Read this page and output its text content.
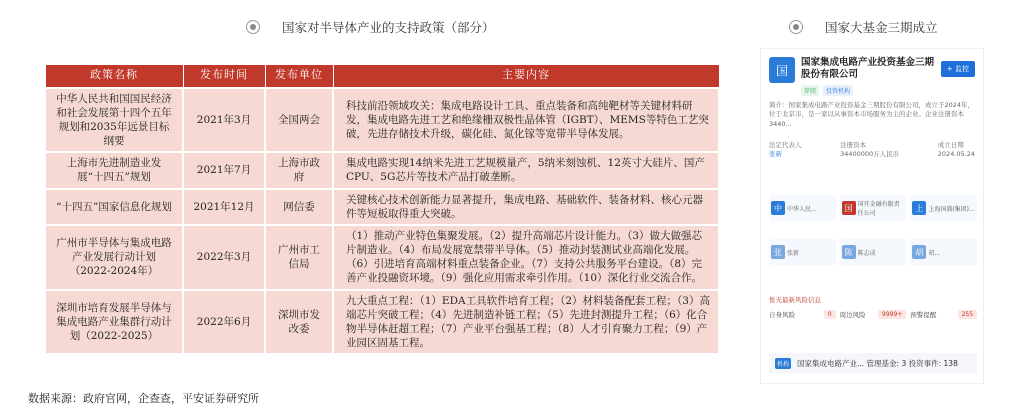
国家对半导体产业的支持政策（部分）	国家大基金三期成立
政策名称	发布时间	发布单位	主要内容
中华人民共和国国民经济和社会发展第十四个五年规划和2035年远景目标纲要	2021年3月	全国两会	科技前沿领域攻关：集成电路设计工具、重点装备和高纯靶材等关键材料研发，集成电路先进工艺和绝缘栅双极性晶体管（IGBT）、MEMS等特色工艺突破，先进存储技术升级，碳化硅、氮化镓等宽带半导体发展。
上海市先进制造业发展“十四五”规划	2021年7月	上海市政府	集成电路实现14纳米先进工艺规模量产，5纳米刻蚀机、12英寸大硅片、国产CPU、5G芯片等技术产品打破垄断。
“十四五”国家信息化规划	2021年12月	网信委	关键核心技术创新能力显著提升，集成电路、基础软件、装备材料、核心元器件等短板取得重大突破。
广州市半导体与集成电路产业发展行动计划（2022-2024年）	2022年3月	广州市工信局	（1）推动产业特色集聚发展。（2）提升高端芯片设计能力。（3）做大做强芯片制造业。（4）布局发展宽禁带半导体。（5）推动封装测试业高端化发展。（6）引进培育高端材料重点装备企业。（7）支持公共服务平台建设。（8）完善产业投融资环境。（9）强化应用需求牵引作用。（10）深化行业交流合作。
深圳市培育发展半导体与集成电路产业集群行动计划（2022-2025）	2022年6月	深圳市发改委	九大重点工程：（1）EDA工具软件培育工程；（2）材料装备配套工程；（3）高端芯片突破工程；（4）先进制造补链工程；（5）先进封测提升工程；（6）化合物半导体赶超工程；（7）产业平台强基工程；（8）人才引育聚力工程；（9）产业园区固基工程。
数据来源：政府官网，企查查，平安证券研究所
国
国家集成电路产业投资基金三期股份有限公司
+ 监控
存续	投资机构
简介：国家集成电路产业投资基金三期股份有限公司，成立于2024年，位于北京市，是一家以从事资本市场服务为主的企业。企业注册资本3440...
法定代表人
张新
注册资本
34400000万人民币
成立日期
2024.05.24
中 中华人民...	国 国开金融有限责任公司
上 上海国盛(集团)...
张 张新	陈 陈志成	胡 胡...
暂无最新风险信息
自身风险	0	周边风险	9999+	预警提醒	255
机构 国家集成电路产业... 管理基金: 3 投资事件: 138
